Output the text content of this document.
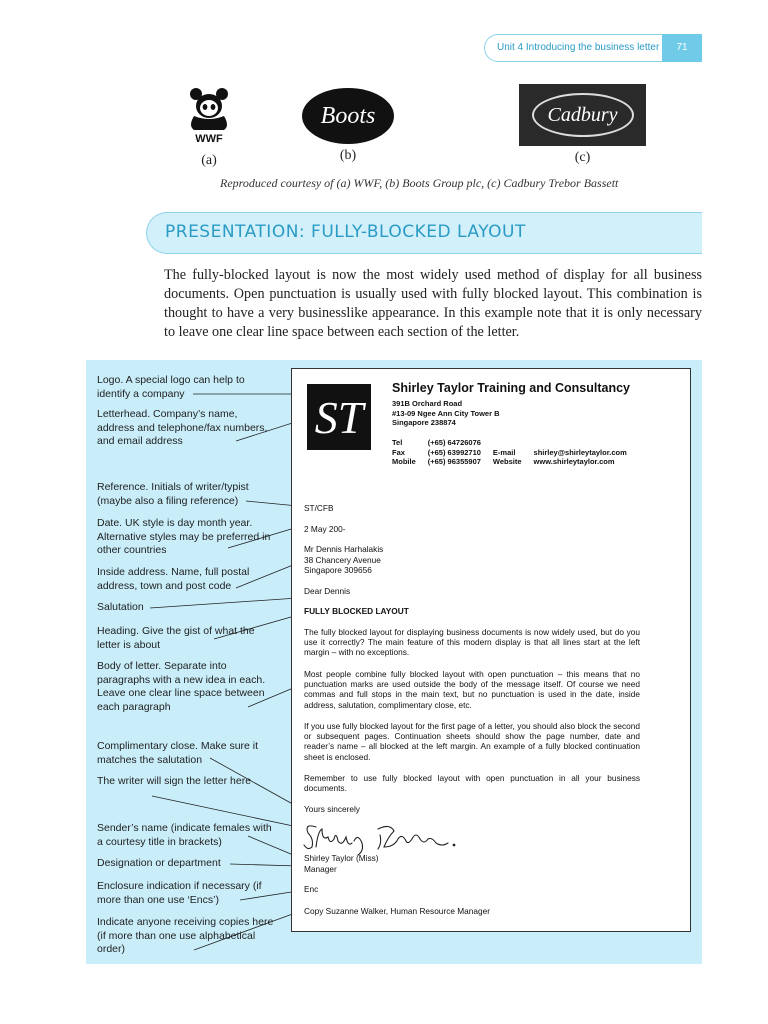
Unit 4 Introducing the business letter	71
WWF
(a)
Boots
(b)
Cadbury
(c)
Reproduced courtesy of (a) WWF, (b) Boots Group plc, (c) Cadbury Trebor Bassett
PRESENTATION: FULLY-BLOCKED LAYOUT

The fully-blocked layout is now the most widely used method of display for all business documents. Open punctuation is usually used with fully blocked layout. This combination is thought to have a very businesslike appearance. In this example note that it is only necessary to leave one clear line space between each section of the letter.

Logo. A special logo can help to identify a company
Letterhead. Company’s name, address and telephone/fax numbers, and email address
Reference. Initials of writer/typist (maybe also a filing reference)
Date. UK style is day month year. Alternative styles may be preferred in other countries
Inside address. Name, full postal address, town and post code
Salutation
Heading. Give the gist of what the letter is about
Body of letter. Separate into paragraphs with a new idea in each. Leave one clear line space between each paragraph
Complimentary close. Make sure it matches the salutation
The writer will sign the letter here
Sender’s name (indicate females with a courtesy title in brackets)
Designation or department
Enclosure indication if necessary (if more than one use ‘Encs’)
Indicate anyone receiving copies here (if more than one use alphabetical order)
ST
Shirley Taylor Training and Consultancy
391B Orchard Road
#13-09 Ngee Ann City Tower B
Singapore 238874
Tel	(+65) 64726076		
Fax	(+65) 63992710	E-mail	shirley@shirleytaylor.com
Mobile	(+65) 96355907	Website	www.shirleytaylor.com
ST/CFB
2 May 200-
Mr Dennis Harhalakis
38 Chancery Avenue
Singapore 309656
Dear Dennis
FULLY BLOCKED LAYOUT

The fully blocked layout for displaying business documents is now widely used, but do you use it correctly? The main feature of this modern display is that all lines start at the left margin – with no exceptions.

Most people combine fully blocked layout with open punctuation – this means that no punctuation marks are used outside the body of the message itself. Of course we need commas and full stops in the main text, but no punctuation is used in the date, inside address, salutation, complimentary close, etc.

If you use fully blocked layout for the first page of a letter, you should also block the second or subsequent pages. Continuation sheets should show the page number, date and reader’s name – all blocked at the left margin. An example of a fully blocked continuation sheet is enclosed.

Remember to use fully blocked layout with open punctuation in all your business documents.

Yours sincerely
Shirley Taylor (Miss)
Manager
Enc
Copy Suzanne Walker, Human Resource Manager
